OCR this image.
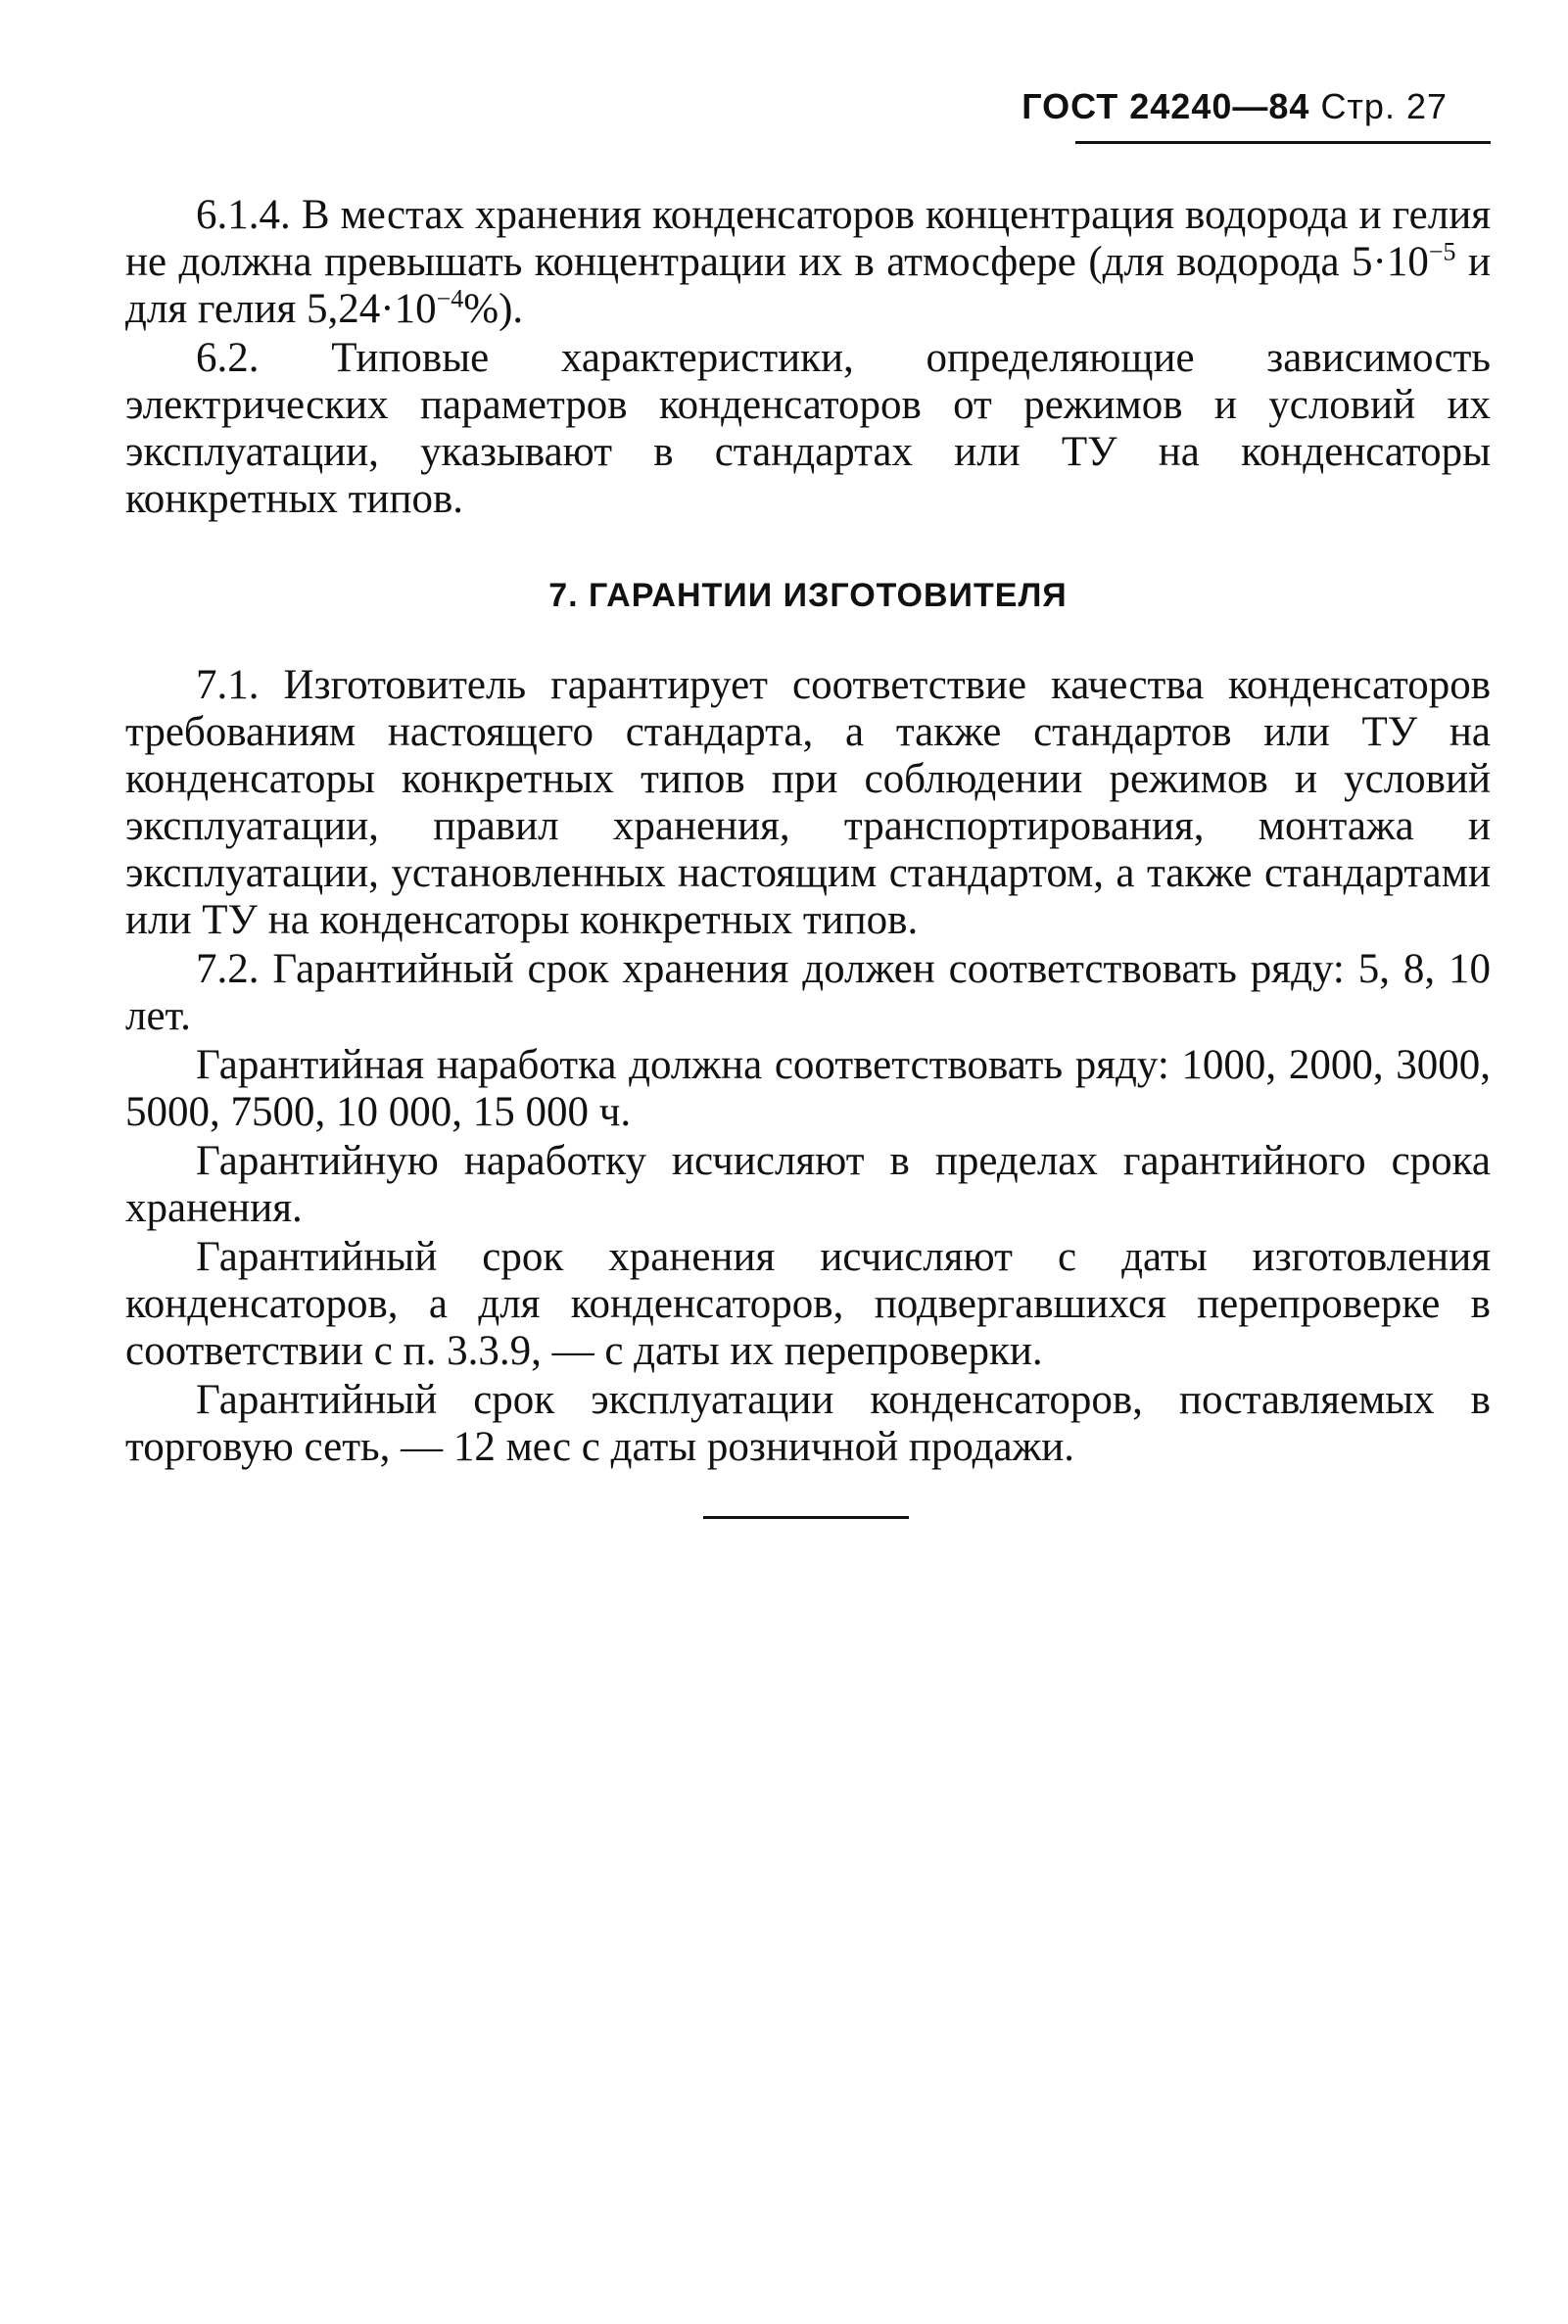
ГОСТ 24240—84 Стр. 27

6.1.4. В местах хранения конденсаторов концентрация водорода и гелия не должна превышать концентрации их в атмосфере (для водорода $5\cdot 10^{-5}$ и для гелия $5,24\cdot 10^{-4}\%$).

6.2. Типовые характеристики, определяющие зависимость электрических параметров конденсаторов от режимов и условий их эксплуатации, указывают в стандартах или ТУ на конденсаторы конкретных типов.

7. ГАРАНТИИ ИЗГОТОВИТЕЛЯ

7.1. Изготовитель гарантирует соответствие качества конденсаторов требованиям настоящего стандарта, а также стандартов или ТУ на конденсаторы конкретных типов при соблюдении режимов и условий эксплуатации, правил хранения, транспортирования, монтажа и эксплуатации, установленных настоящим стандартом, а также стандартами или ТУ на конденсаторы конкретных типов.

7.2. Гарантийный срок хранения должен соответствовать ряду: 5, 8, 10 лет.

Гарантийная наработка должна соответствовать ряду: 1000, 2000, 3000, 5000, 7500, 10 000, 15 000 ч.

Гарантийную наработку исчисляют в пределах гарантийного срока хранения.

Гарантийный срок хранения исчисляют с даты изготовления конденсаторов, а для конденсаторов, подвергавшихся перепроверке в соответствии с п. 3.3.9, — с даты их перепроверки.

Гарантийный срок эксплуатации конденсаторов, поставляемых в торговую сеть, — 12 мес с даты розничной продажи.
